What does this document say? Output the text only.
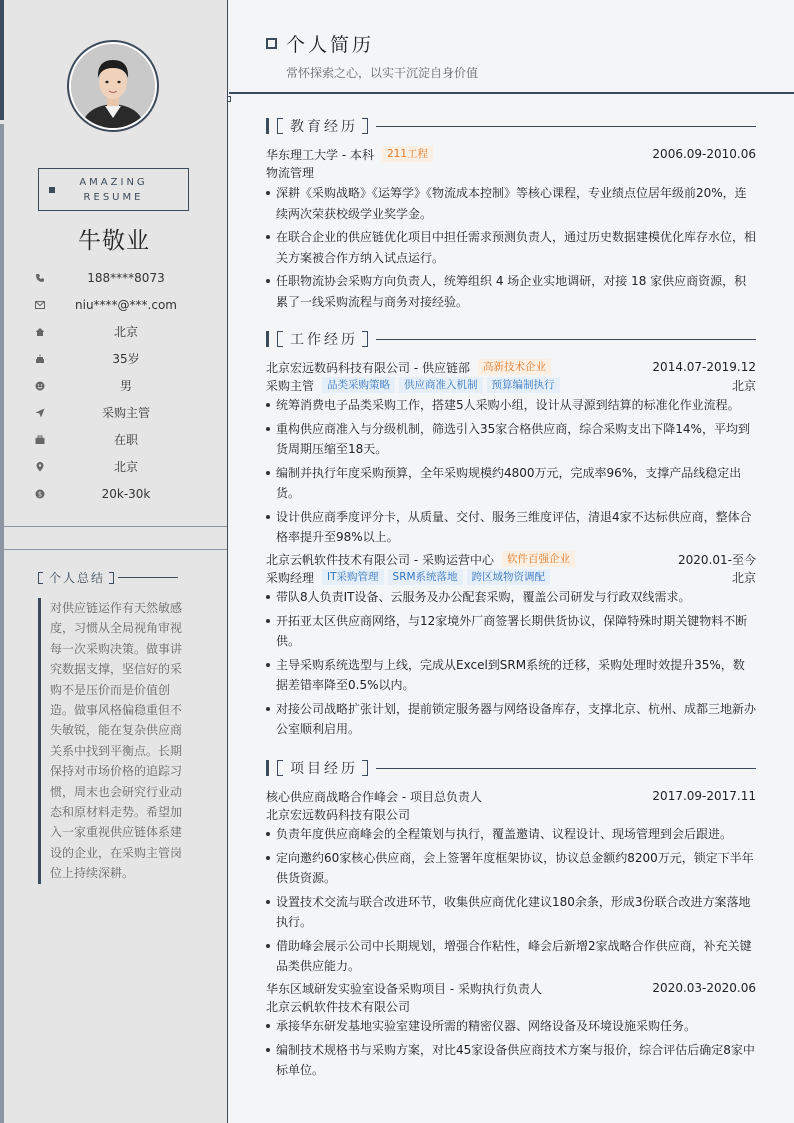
AMAZING
RESUME
牛敬业
188****8073
niu****@***.com
北京
35岁
男
采购主管
在职
北京
$	20k-30k
个人总结
对供应链运作有天然敏感度，习惯从全局视角审视每一次采购决策。做事讲究数据支撑，坚信好的采购不是压价而是价值创造。做事风格偏稳重但不失敏锐，能在复杂供应商关系中找到平衡点。长期保持对市场价格的追踪习惯，周末也会研究行业动态和原材料走势。希望加入一家重视供应链体系建设的企业，在采购主管岗位上持续深耕。
个人简历
常怀探索之心，以实干沉淀自身价值
教育经历
华东理工大学 - 本科	211工程	2006.09-2010.06
物流管理
深耕《采购战略》《运筹学》《物流成本控制》等核心课程，专业绩点位居年级前20%，连续两次荣获校级学业奖学金。
在联合企业的供应链优化项目中担任需求预测负责人，通过历史数据建模优化库存水位，相关方案被合作方纳入试点运行。
任职物流协会采购方向负责人，统筹组织 4 场企业实地调研，对接 18 家供应商资源，积累了一线采购流程与商务对接经验。
工作经历
北京宏远数码科技有限公司 - 供应链部	高新技术企业	2014.07-2019.12
采购主管	品类采购策略	供应商准入机制	预算编制执行	北京
统筹消费电子品类采购工作，搭建5人采购小组，设计从寻源到结算的标准化作业流程。
重构供应商准入与分级机制，筛选引入35家合格供应商，综合采购支出下降14%，平均到货周期压缩至18天。
编制并执行年度采购预算，全年采购规模约4800万元，完成率96%，支撑产品线稳定出货。
设计供应商季度评分卡，从质量、交付、服务三维度评估，清退4家不达标供应商，整体合格率提升至98%以上。
北京云帆软件技术有限公司 - 采购运营中心	软件百强企业	2020.01-至今
采购经理	IT采购管理	SRM系统落地	跨区域物资调配	北京
带队8人负责IT设备、云服务及办公配套采购，覆盖公司研发与行政双线需求。
开拓亚太区供应商网络，与12家境外厂商签署长期供货协议，保障特殊时期关键物料不断供。
主导采购系统选型与上线，完成从Excel到SRM系统的迁移，采购处理时效提升35%，数据差错率降至0.5%以内。
对接公司战略扩张计划，提前锁定服务器与网络设备库存，支撑北京、杭州、成都三地新办公室顺利启用。
项目经历
核心供应商战略合作峰会 - 项目总负责人	2017.09-2017.11
北京宏远数码科技有限公司
负责年度供应商峰会的全程策划与执行，覆盖邀请、议程设计、现场管理到会后跟进。
定向邀约60家核心供应商，会上签署年度框架协议，协议总金额约8200万元，锁定下半年供货资源。
设置技术交流与联合改进环节，收集供应商优化建议180余条，形成3份联合改进方案落地执行。
借助峰会展示公司中长期规划，增强合作粘性，峰会后新增2家战略合作供应商，补充关键品类供应能力。
华东区域研发实验室设备采购项目 - 采购执行负责人	2020.03-2020.06
北京云帆软件技术有限公司
承接华东研发基地实验室建设所需的精密仪器、网络设备及环境设施采购任务。
编制技术规格书与采购方案，对比45家设备供应商技术方案与报价，综合评估后确定8家中标单位。
